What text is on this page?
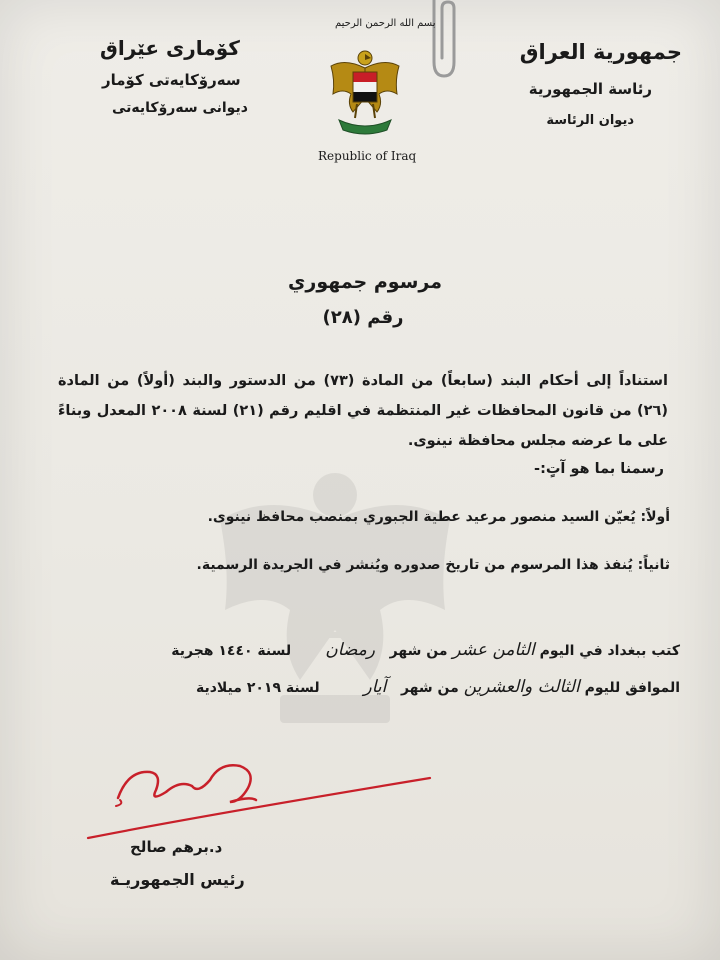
جمهورية العراق
رئاسة الجمهورية
ديوان الرئاسة
كۆماری عێراق
سەرۆکایەتی کۆمار
دیوانی سەرۆکایەتی
بسم الله الرحمن الرحيم
Republic of Iraq
مرسوم جمهوري
رقم (٢٨)
استناداً إلى أحكام البند (سابعاً) من المادة (٧٣) من الدستور والبند (أولاً) من المادة (٢٦) من قانون المحافظات غير المنتظمة في اقليم رقم (٢١) لسنة ٢٠٠٨ المعدل وبناءً على ما عرضه مجلس محافظة نينوى.
رسمنا بما هو آتٍ:-
أولاً: يُعيّن السيد منصور مرعيد عطية الجبوري بمنصب محافظ نينوى.
ثانياً: يُنفذ هذا المرسوم من تاريخ صدوره ويُنشر في الجريدة الرسمية.
كتب ببغداد في اليوم الثامن عشر من شهر   رمضان       لسنة ١٤٤٠ هجرية
الموافق لليوم الثالث والعشرين من شهر   آيار         لسنة ٢٠١٩ ميلادية
د.برهم صالح
رئيس الجمهوريـة
